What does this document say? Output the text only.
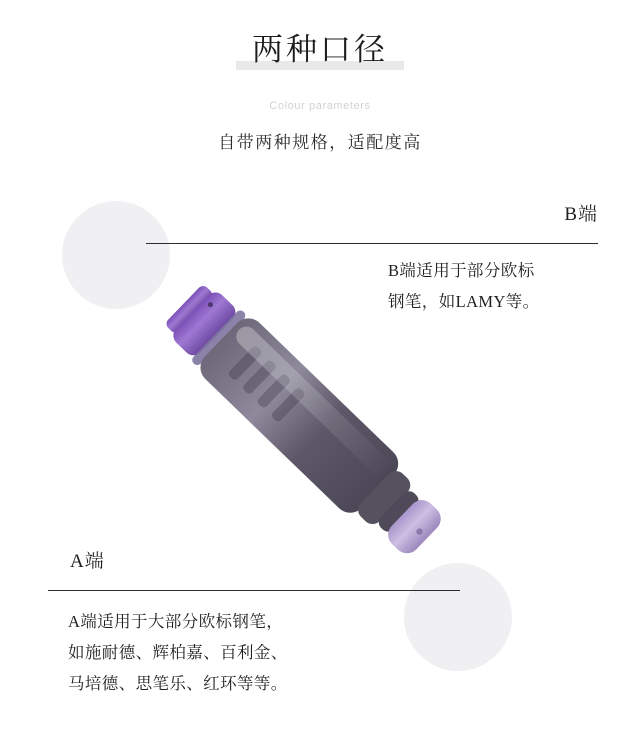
两种口径
Colour parameters
自带两种规格，适配度高
B端
B端适用于部分欧标
钢笔，如LAMY等。
A端
A端适用于大部分欧标钢笔，
如施耐德、辉柏嘉、百利金、
马培德、思笔乐、红环等等。
